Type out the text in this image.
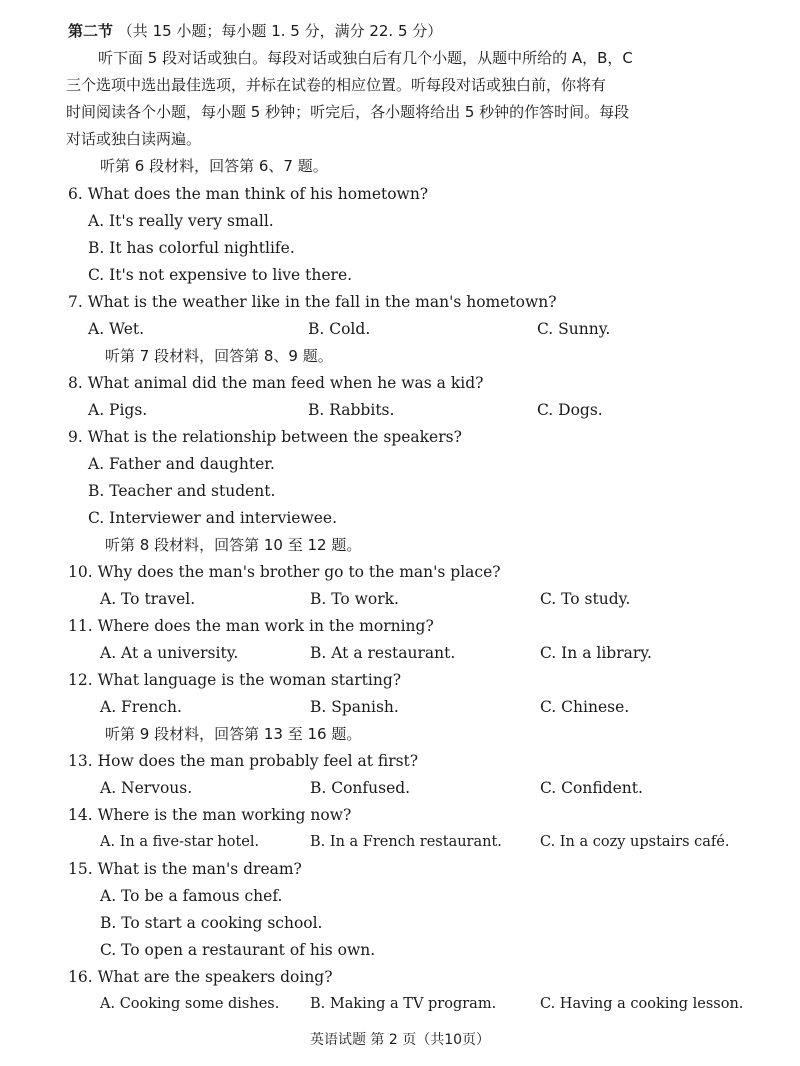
第二节 （共 15 小题；每小题 1. 5 分，满分 22. 5 分）
听下面 5 段对话或独白。每段对话或独白后有几个小题，从题中所给的 A，B，C
三个选项中选出最佳选项，并标在试卷的相应位置。听每段对话或独白前，你将有
时间阅读各个小题，每小题 5 秒钟；听完后，各小题将给出 5 秒钟的作答时间。每段
对话或独白读两遍。
听第 6 段材料，回答第 6、7 题。
6. What does the man think of his hometown?
A. It's really very small.
B. It has colorful nightlife.
C. It's not expensive to live there.
7. What is the weather like in the fall in the man's hometown?
A. Wet.	B. Cold.	C. Sunny.
听第 7 段材料，回答第 8、9 题。
8. What animal did the man feed when he was a kid?
A. Pigs.	B. Rabbits.	C. Dogs.
9. What is the relationship between the speakers?
A. Father and daughter.
B. Teacher and student.
C. Interviewer and interviewee.
听第 8 段材料，回答第 10 至 12 题。
10. Why does the man's brother go to the man's place?
A. To travel.	B. To work.	C. To study.
11. Where does the man work in the morning?
A. At a university.	B. At a restaurant.	C. In a library.
12. What language is the woman starting?
A. French.	B. Spanish.	C. Chinese.
听第 9 段材料，回答第 13 至 16 题。
13. How does the man probably feel at first?
A. Nervous.	B. Confused.	C. Confident.
14. Where is the man working now?
A. In a five-star hotel.	B. In a French restaurant.	C. In a cozy upstairs café.
15. What is the man's dream?
A. To be a famous chef.
B. To start a cooking school.
C. To open a restaurant of his own.
16. What are the speakers doing?
A. Cooking some dishes. B. Making a TV program.	C. Having a cooking lesson.
英语试题 第 2 页（共10页）
